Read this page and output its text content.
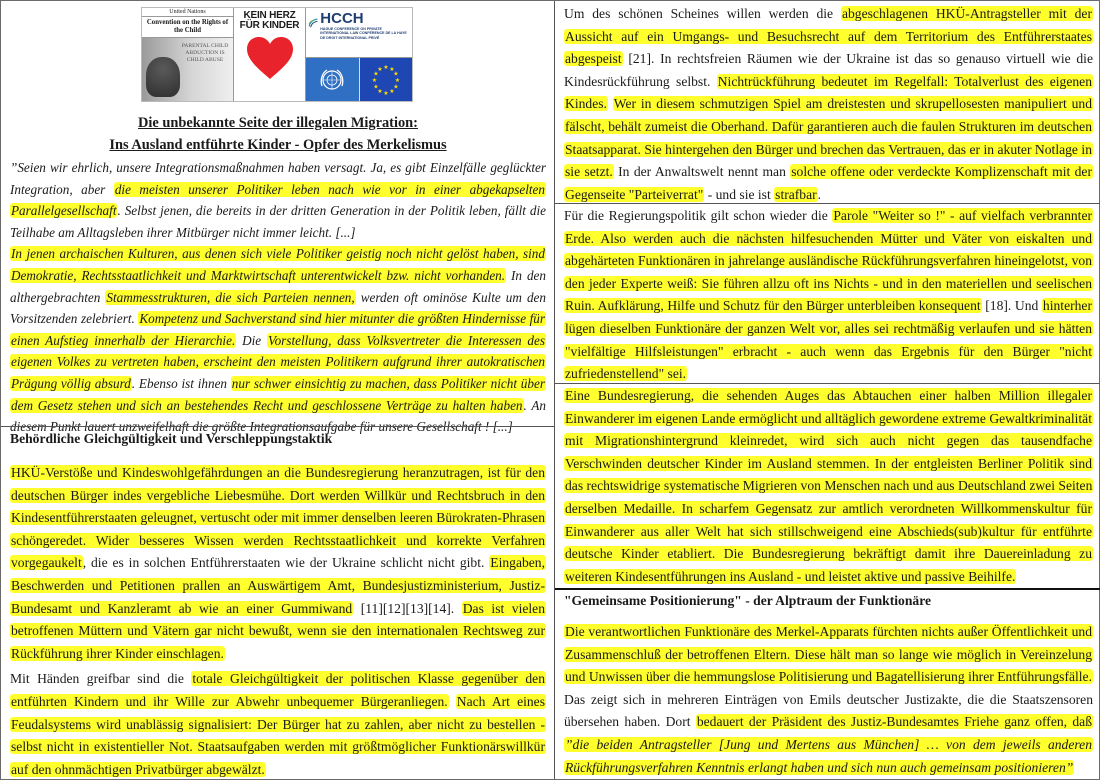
United Nations
Convention on the Rights of the Child
PARENTAL CHILD ABDUCTION IS CHILD ABUSE
KEIN HERZ FÜR KINDER	HCCH
HAGUE CONFERENCE ON PRIVATE INTERNATIONAL LAW CONFÉRENCE DE LA HAYE DE DROIT INTERNATIONAL PRIVÉ
★ ★
★
★
★
★
★
★
★
★
★
★
Die unbekannte Seite der illegalen Migration:
Ins Ausland entführte Kinder - Opfer des Merkelismus

”Seien wir ehrlich, unsere Integrationsmaßnahmen haben versagt. Ja, es gibt Einzelfälle geglückter Integration, aber die meisten unserer Politiker leben nach wie vor in einer abgekapselten Parallelgesellschaft. Selbst jenen, die bereits in der dritten Generation in der Politik leben, fällt die Teilhabe am Alltagsleben ihrer Mitbürger nicht immer leicht. [...]

In jenen archaischen Kulturen, aus denen sich viele Politiker geistig noch nicht gelöst haben, sind Demokratie, Rechtsstaatlichkeit und Marktwirtschaft unterentwickelt bzw. nicht vorhanden. In den althergebrachten Stammesstrukturen, die sich Parteien nennen, werden oft ominöse Kulte um den Vorsitzenden zelebriert. Kompetenz und Sachverstand sind hier mitunter die größten Hindernisse für einen Aufstieg innerhalb der Hierarchie. Die Vorstellung, dass Volksvertreter die Interessen des eigenen Volkes zu vertreten haben, erscheint den meisten Politikern aufgrund ihrer autokratischen Prägung völlig absurd. Ebenso ist ihnen nur schwer einsichtig zu machen, dass Politiker nicht über dem Gesetz stehen und sich an bestehendes Recht und geschlossene Verträge zu halten haben. An diesem Punkt lauert unzweifelhaft die größte Integrationsaufgabe für unsere Gesellschaft ! [...]

Behördliche Gleichgültigkeit und Verschleppungstaktik

HKÜ-Verstöße und Kindeswohlgefährdungen an die Bundesregierung heranzutragen, ist für den deutschen Bürger indes vergebliche Liebesmühe. Dort werden Willkür und Rechtsbruch in den Kindesentführerstaaten geleugnet, vertuscht oder mit immer denselben leeren Bürokraten-Phrasen schöngeredet. Wider besseres Wissen werden Rechtsstaatlichkeit und korrekte Verfahren vorgegaukelt, die es in solchen Entführerstaaten wie der Ukraine schlicht nicht gibt. Eingaben, Beschwerden und Petitionen prallen an Auswärtigem Amt, Bundesjustizministerium, Justiz-Bundesamt und Kanzleramt ab wie an einer Gummiwand [11][12][13][14]. Das ist vielen betroffenen Müttern und Vätern gar nicht bewußt, wenn sie den internationalen Rechtsweg zur Rückführung ihrer Kinder einschlagen.

Mit Händen greifbar sind die totale Gleichgültigkeit der politischen Klasse gegenüber den entführten Kindern und ihr Wille zur Abwehr unbequemer Bürgeranliegen. Nach Art eines Feudalsystems wird unablässig signalisiert: Der Bürger hat zu zahlen, aber nicht zu bestellen - selbst nicht in existentieller Not. Staatsaufgaben werden mit größtmöglicher Funktionärswillkür auf den ohnmächtigen Privatbürger abgewälzt.

Um des schönen Scheines willen werden die abgeschlagenen HKÜ-Antragsteller mit der Aussicht auf ein Umgangs- und Besuchsrecht auf dem Territorium des Entführerstaates abgespeist [21]. In rechtsfreien Räumen wie der Ukraine ist das so genauso virtuell wie die Kindesrückführung selbst. Nichtrückführung bedeutet im Regelfall: Totalverlust des eigenen Kindes. Wer in diesem schmutzigen Spiel am dreistesten und skrupellosesten manipuliert und fälscht, behält zumeist die Oberhand. Dafür garantieren auch die faulen Strukturen im deutschen Staatsapparat. Sie hintergehen den Bürger und brechen das Vertrauen, das er in akuter Notlage in sie setzt. In der Anwaltswelt nennt man solche offene oder verdeckte Komplizenschaft mit der Gegenseite "Parteiverrat" - und sie ist strafbar.

Für die Regierungspolitik gilt schon wieder die Parole "Weiter so !" - auf vielfach verbrannter Erde. Also werden auch die nächsten hilfesuchenden Mütter und Väter von eiskalten und abgehärteten Funktionären in jahrelange ausländische Rückführungsverfahren hineingelotst, von den jeder Experte weiß: Sie führen allzu oft ins Nichts - und in den materiellen und seelischen Ruin. Aufklärung, Hilfe und Schutz für den Bürger unterbleiben konsequent [18]. Und hinterher lügen dieselben Funktionäre der ganzen Welt vor, alles sei rechtmäßig verlaufen und sie hätten "vielfältige Hilfsleistungen" erbracht - auch wenn das Ergebnis für den Bürger "nicht zufriedenstellend" sei.

Eine Bundesregierung, die sehenden Auges das Abtauchen einer halben Million illegaler Einwanderer im eigenen Lande ermöglicht und alltäglich gewordene extreme Gewaltkriminalität mit Migrationshintergrund kleinredet, wird sich auch nicht gegen das tausendfache Verschwinden deutscher Kinder im Ausland stemmen. In der entgleisten Berliner Politik sind das rechtswidrige systematische Migrieren von Menschen nach und aus Deutschland zwei Seiten derselben Medaille. In scharfem Gegensatz zur amtlich verordneten Willkommenskultur für Einwanderer aus aller Welt hat sich stillschweigend eine Abschieds(sub)kultur für entführte deutsche Kinder etabliert. Die Bundesregierung bekräftigt damit ihre Dauereinladung zu weiteren Kindesentführungen ins Ausland - und leistet aktive und passive Beihilfe.

"Gemeinsame Positionierung" - der Alptraum der Funktionäre

Die verantwortlichen Funktionäre des Merkel-Apparats fürchten nichts außer Öffentlichkeit und Zusammenschluß der betroffenen Eltern. Diese hält man so lange wie möglich in Vereinzelung und Unwissen über die hemmungslose Politisierung und Bagatellisierung ihrer Entführungsfälle. Das zeigt sich in mehreren Einträgen von Emils deutscher Justizakte, die die Staatszensoren übersehen haben. Dort bedauert der Präsident des Justiz-Bundesamtes Friehe ganz offen, daß ”die beiden Antragsteller [Jung und Mertens aus München] … von dem jeweils anderen Rückführungsverfahren Kenntnis erlangt haben und sich nun auch gemeinsam positionieren”
